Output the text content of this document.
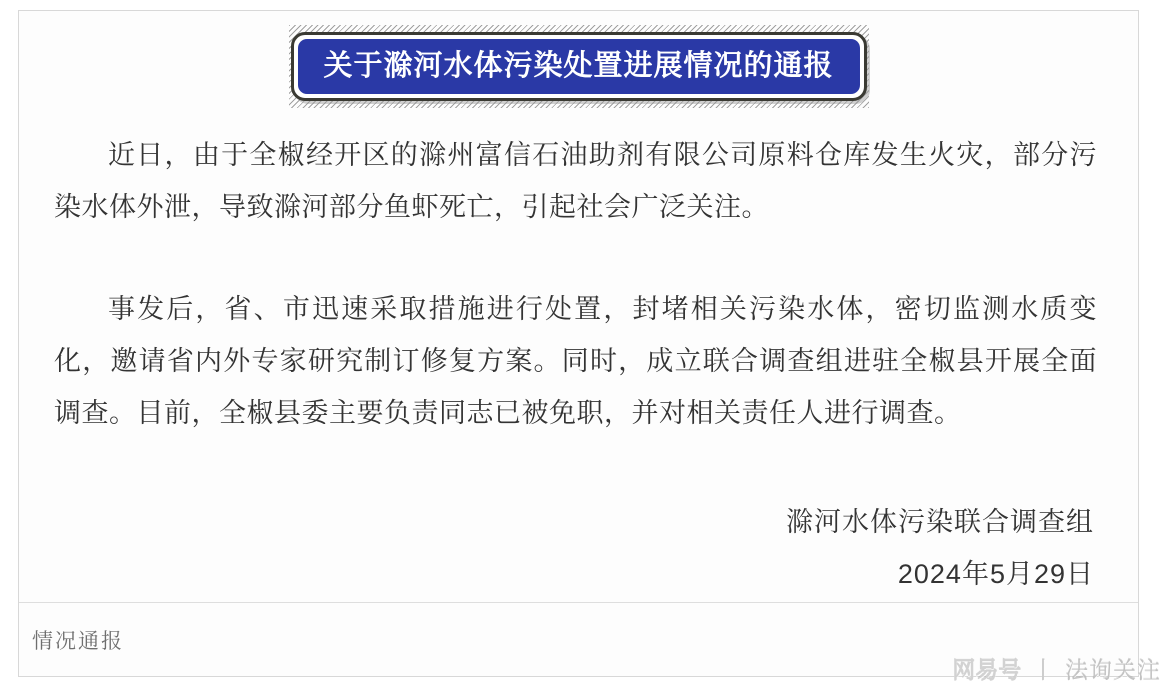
关于滁河水体污染处置进展情况的通报

近日，由于全椒经开区的滁州富信石油助剂有限公司原料仓库发生火灾，部分污染水体外泄，导致滁河部分鱼虾死亡，引起社会广泛关注。

事发后，省、市迅速采取措施进行处置，封堵相关污染水体，密切监测水质变化，邀请省内外专家研究制订修复方案。同时，成立联合调查组进驻全椒县开展全面调查。目前，全椒县委主要负责同志已被免职，并对相关责任人进行调查。

滁河水体污染联合调查组
2024年5月29日
情况通报
网易号 丨 法询关注
